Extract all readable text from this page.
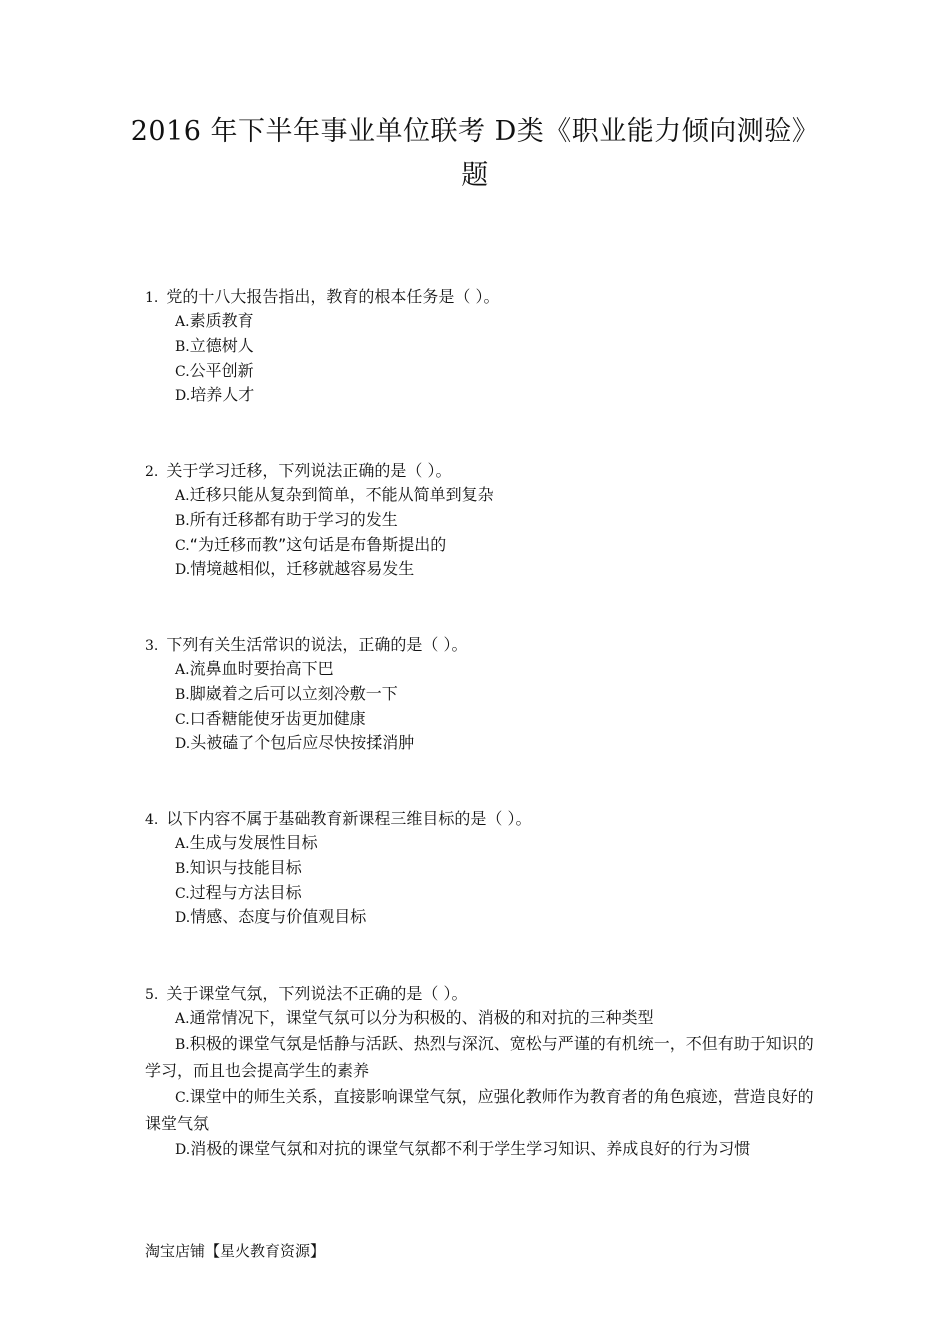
2016 年下半年事业单位联考 D类《职业能力倾向测验》
题
1. 党的十八大报告指出，教育的根本任务是（ ）。
A.素质教育
B.立德树人
C.公平创新
D.培养人才
2. 关于学习迁移，下列说法正确的是（ ）。
A.迁移只能从复杂到简单，不能从简单到复杂
B.所有迁移都有助于学习的发生
C.“为迁移而教”这句话是布鲁斯提出的
D.情境越相似，迁移就越容易发生
3. 下列有关生活常识的说法，正确的是（ ）。
A.流鼻血时要抬高下巴
B.脚崴着之后可以立刻冷敷一下
C.口香糖能使牙齿更加健康
D.头被磕了个包后应尽快按揉消肿
4. 以下内容不属于基础教育新课程三维目标的是（ ）。
A.生成与发展性目标
B.知识与技能目标
C.过程与方法目标
D.情感、态度与价值观目标
5. 关于课堂气氛，下列说法不正确的是（ ）。
A.通常情况下，课堂气氛可以分为积极的、消极的和对抗的三种类型
B.积极的课堂气氛是恬静与活跃、热烈与深沉、宽松与严谨的有机统一，不但有助于知识的学习，而且也会提高学生的素养
C.课堂中的师生关系，直接影响课堂气氛，应强化教师作为教育者的角色痕迹，营造良好的课堂气氛
D.消极的课堂气氛和对抗的课堂气氛都不利于学生学习知识、养成良好的行为习惯
淘宝店铺【星火教育资源】
